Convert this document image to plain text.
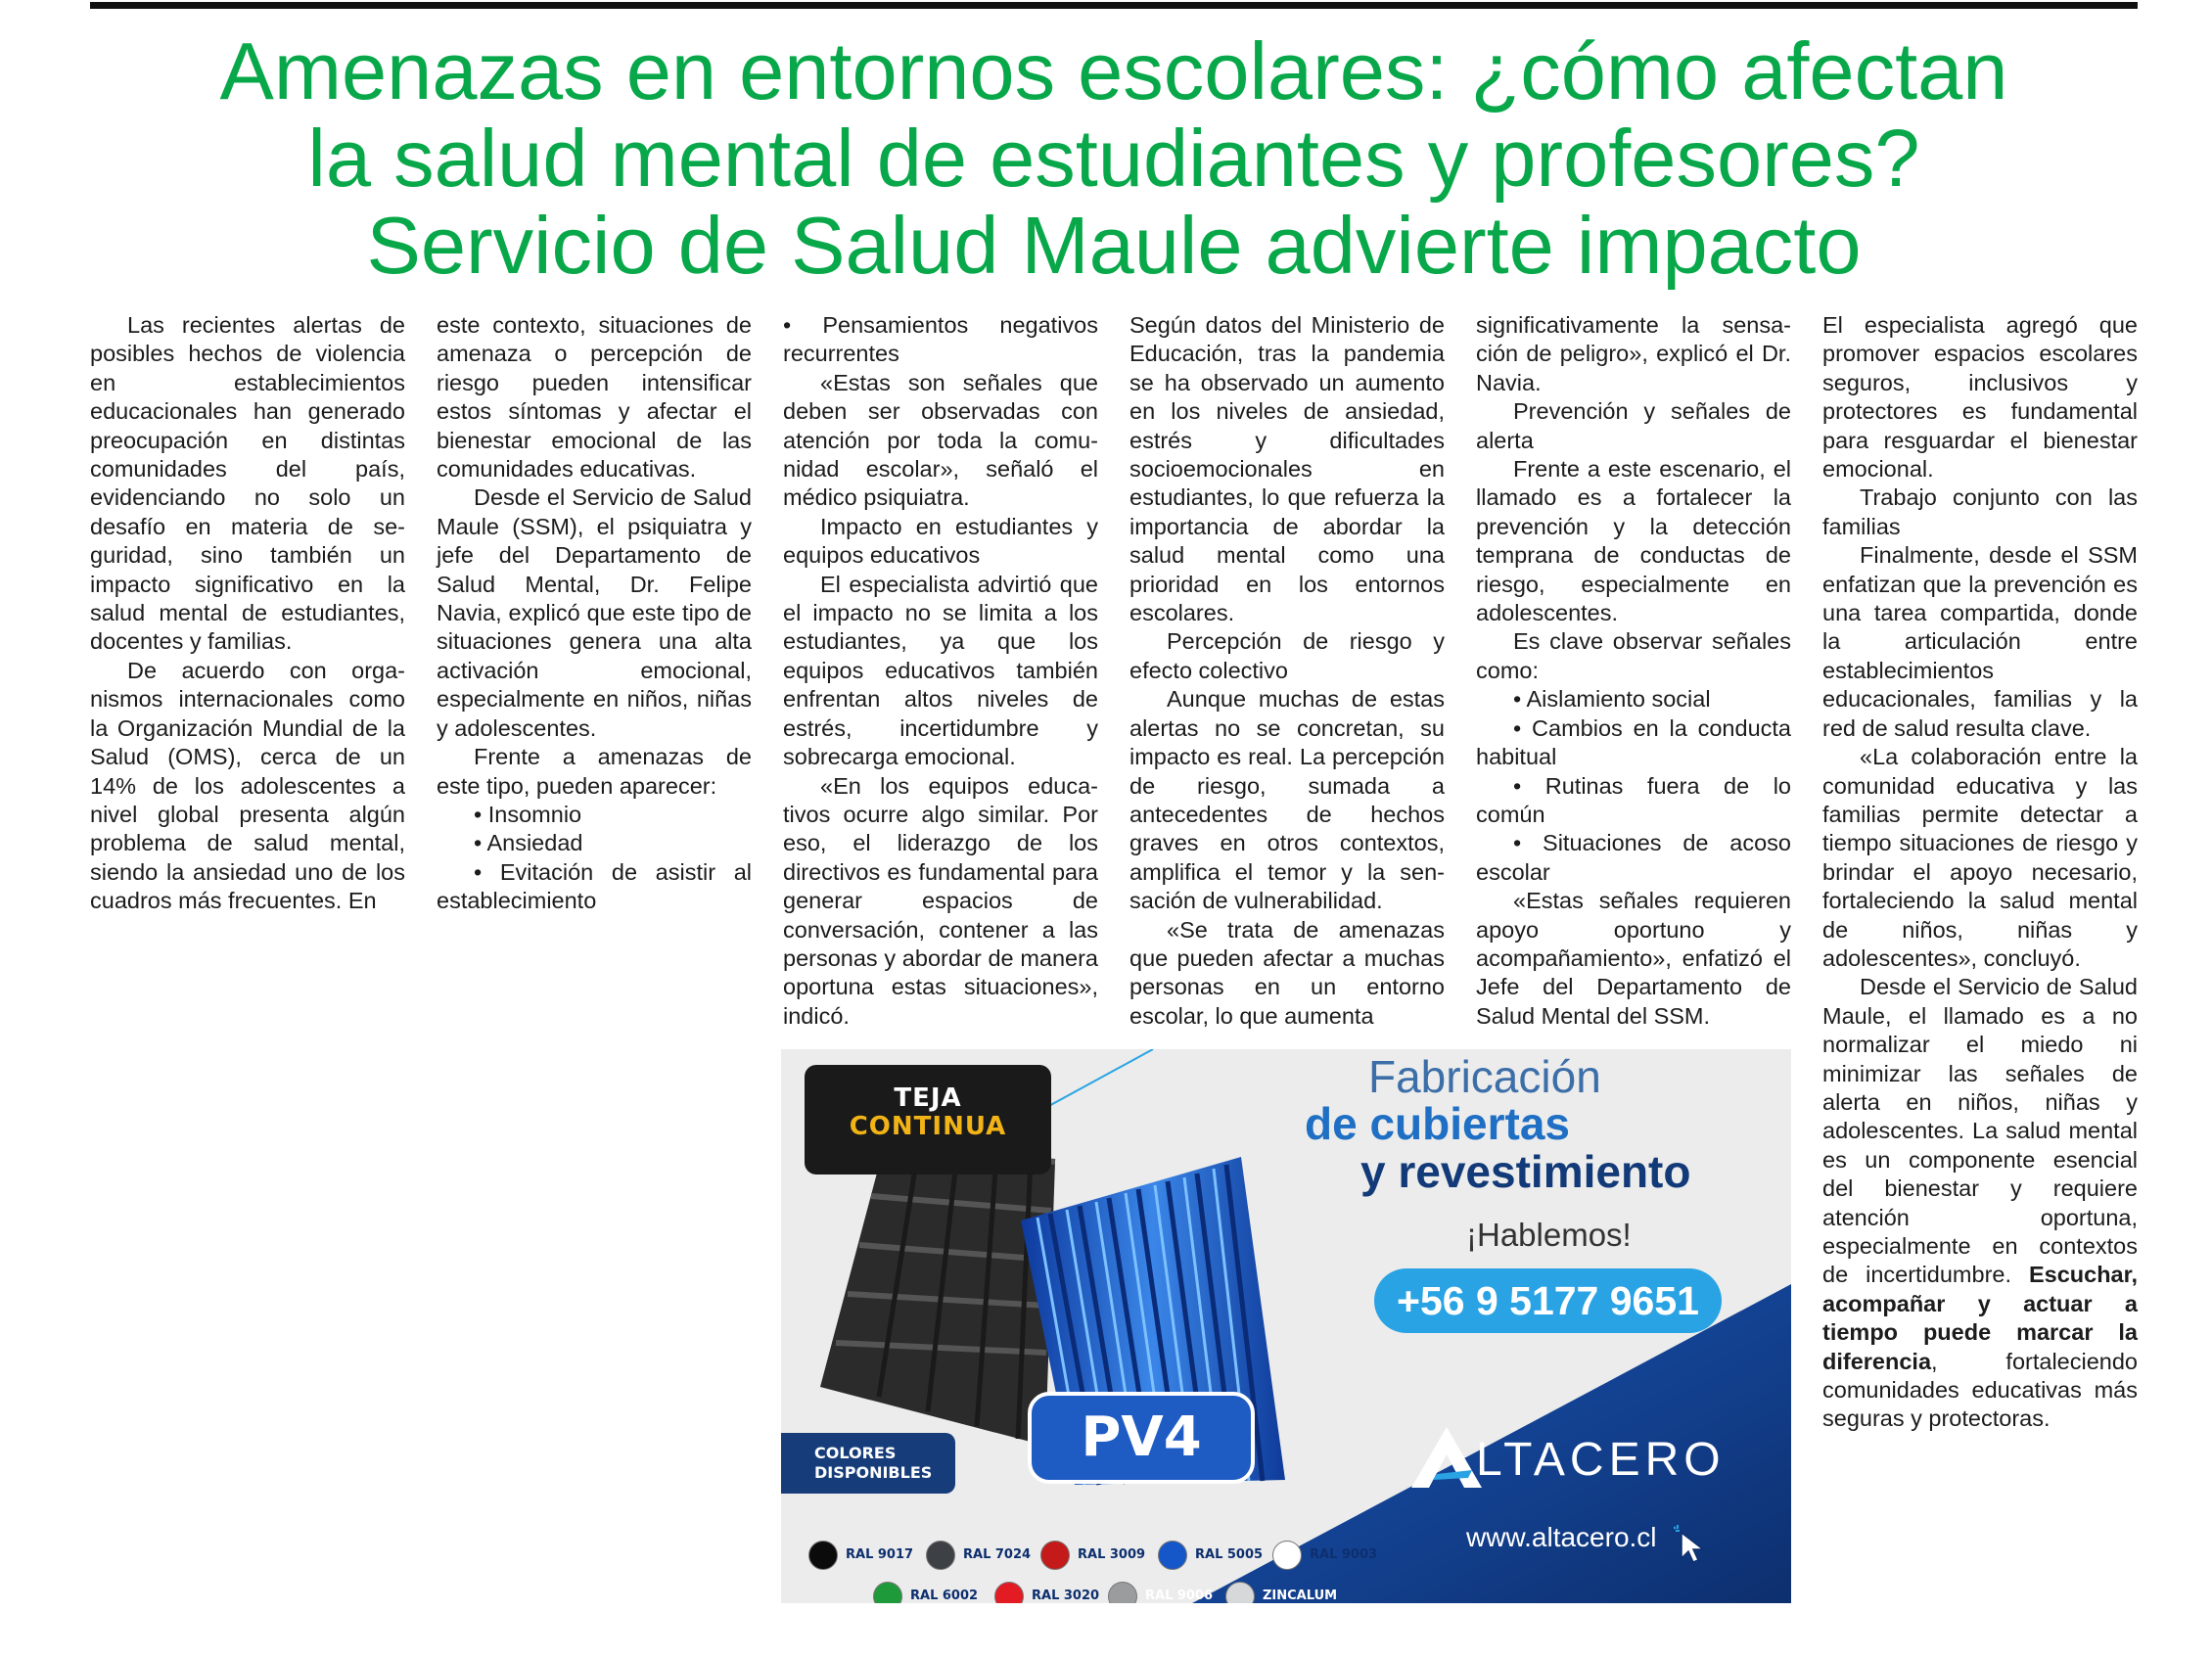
Amenazas en entornos escolares: ¿cómo afectan
la salud mental de estudiantes y profesores?
Servicio de Salud Maule advierte impacto

Las recientes alertas de posibles hechos de violencia en establecimientos educacionales han generado preocupación en distintas comunidades del país, evidenciando no solo un desafío en materia de seguridad, sino también un impacto significativo en la salud mental de estudiantes, docentes y familias.

De acuerdo con organismos internacionales como la Organización Mundial de la Salud (OMS), cerca de un 14% de los adolescentes a nivel global presenta algún problema de salud mental, siendo la ansiedad uno de los cuadros más frecuentes. En

este contexto, situaciones de amenaza o percepción de riesgo pueden intensificar estos síntomas y afectar el bienestar emocional de las comunidades educativas.

Desde el Servicio de Salud Maule (SSM), el psiquiatra y jefe del Departamento de Salud Mental, Dr. Felipe Navia, explicó que este tipo de situaciones genera una alta activación emocional, especialmente en niños, niñas y adolescentes.

Frente a amenazas de este tipo, pueden aparecer:

• Insomnio

• Ansiedad

• Evitación de asistir al establecimiento

• Pensamientos negativos recurrentes

«Estas son señales que deben ser observadas con atención por toda la comunidad escolar», señaló el médico psiquiatra.

Impacto en estudiantes y equipos educativos

El especialista advirtió que el impacto no se limita a los estudiantes, ya que los equipos educativos también enfrentan altos niveles de estrés, incertidumbre y sobrecarga emocional.

«En los equipos educativos ocurre algo similar. Por eso, el liderazgo de los directivos es fundamental para generar espacios de conversación, contener a las personas y abordar de manera oportuna estas situaciones», indicó.

Según datos del Ministerio de Educación, tras la pandemia se ha observado un aumento en los niveles de ansiedad, estrés y dificultades socioemocionales en estudiantes, lo que refuerza la importancia de abordar la salud mental como una prioridad en los entornos escolares.

Percepción de riesgo y efecto colectivo

Aunque muchas de estas alertas no se concretan, su impacto es real. La percepción de riesgo, sumada a antecedentes de hechos graves en otros contextos, amplifica el temor y la sensación de vulnerabilidad.

«Se trata de amenazas que pueden afectar a muchas personas en un entorno escolar, lo que aumenta

significativamente la sensación de peligro», explicó el Dr. Navia.

Prevención y señales de alerta

Frente a este escenario, el llamado es a fortalecer la prevención y la detección temprana de conductas de riesgo, especialmente en adolescentes.

Es clave observar señales como:

• Aislamiento social

• Cambios en la conducta habitual

• Rutinas fuera de lo común

• Situaciones de acoso escolar

«Estas señales requieren apoyo oportuno y acompañamiento», enfatizó el Jefe del Departamento de Salud Mental del SSM.

El especialista agregó que promover espacios escolares seguros, inclusivos y protectores es fundamental para resguardar el bienestar emocional.

Trabajo conjunto con las familias

Finalmente, desde el SSM enfatizan que la prevención es una tarea compartida, donde la articulación entre establecimientos educacionales, familias y la red de salud resulta clave.

«La colaboración entre la comunidad educativa y las familias permite detectar a tiempo situaciones de riesgo y brindar el apoyo necesario, fortaleciendo la salud mental de niños, niñas y adolescentes», concluyó.

Desde el Servicio de Salud Maule, el llamado es a no normalizar el miedo ni minimizar las señales de alerta en niños, niñas y adolescentes. La salud mental es un componente esencial del bienestar y requiere atención oportuna, especialmente en contextos de incertidumbre. Escuchar, acompañar y actuar a tiempo puede marcar la diferencia, fortaleciendo comunidades educativas más seguras y protectoras.

TEJA
CONTINUA
Fabricación
de cubiertas
y revestimiento
¡Hablemos!
+56 9 5177 9651
PV4
COLORES
DISPONIBLES
RAL 9017	RAL 7024	RAL 3009	RAL 5005	RAL 9003
RAL 6002	RAL 3020	RAL 9006	ZINCALUM
LTACERO
www.altacero.cl
